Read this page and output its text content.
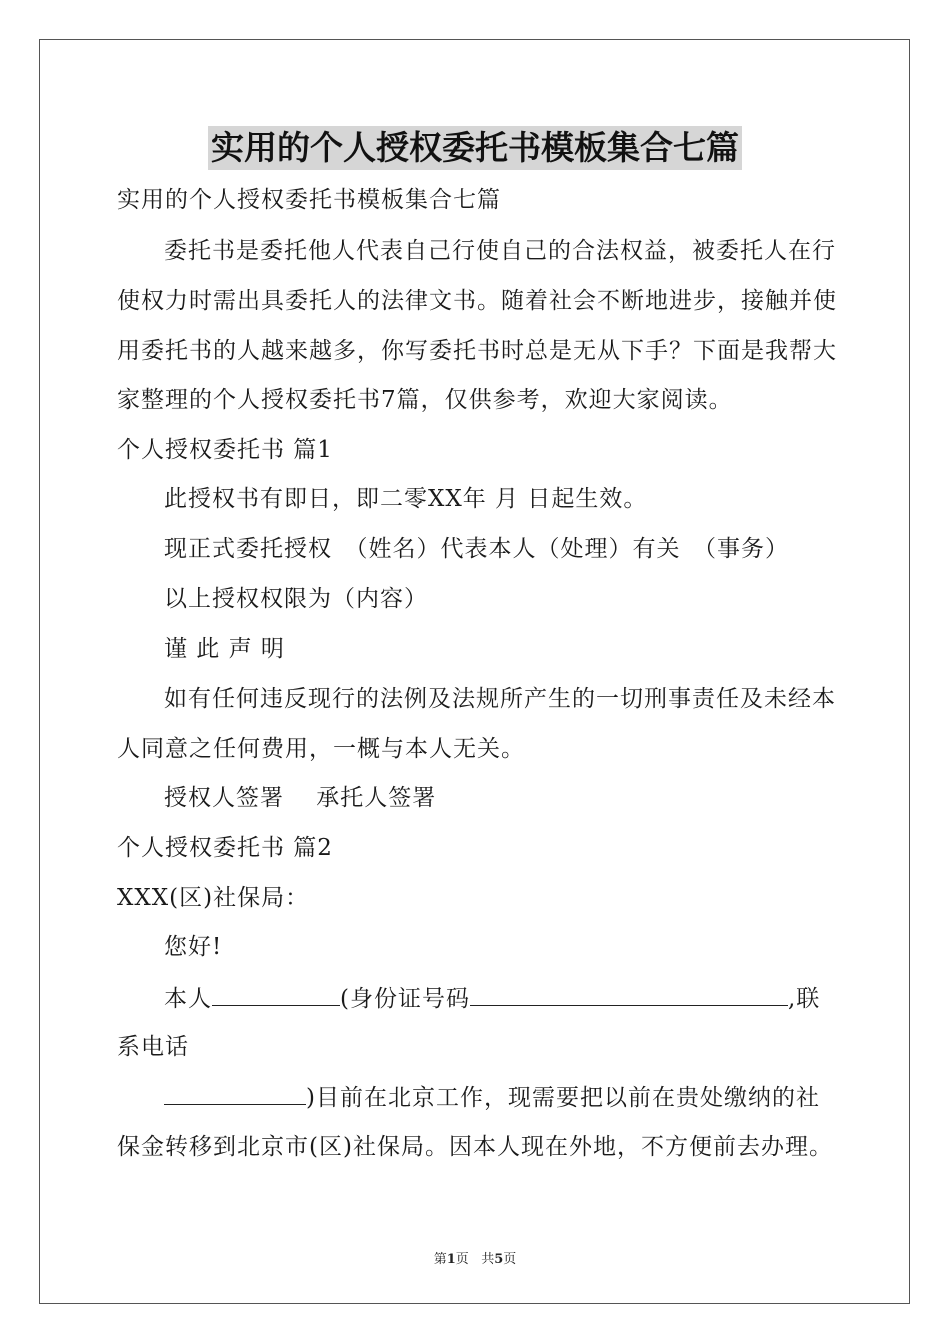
实用的个人授权委托书模板集合七篇
实用的个人授权委托书模板集合七篇
委托书是委托他人代表自己行使自己的合法权益，被委托人在行
使权力时需出具委托人的法律文书。随着社会不断地进步，接触并使
用委托书的人越来越多，你写委托书时总是无从下手？下面是我帮大
家整理的个人授权委托书7篇，仅供参考，欢迎大家阅读。
个人授权委托书 篇1
此授权书有即日，即二零XX年 月 日起生效。
现正式委托授权　（姓名）代表本人（处理）有关　（事务）
以上授权权限为（内容）
谨 此 声 明
如有任何违反现行的法例及法规所产生的一切刑事责任及未经本
人同意之任何费用，一概与本人无关。
授权人签署　 承托人签署
个人授权委托书 篇2
XXX(区)社保局：
您好!
本人	(身份证号码	,联
系电话
)目前在北京工作，现需要把以前在贵处缴纳的社
保金转移到北京市(区)社保局。因本人现在外地，不方便前去办理。
第1页 共5页
